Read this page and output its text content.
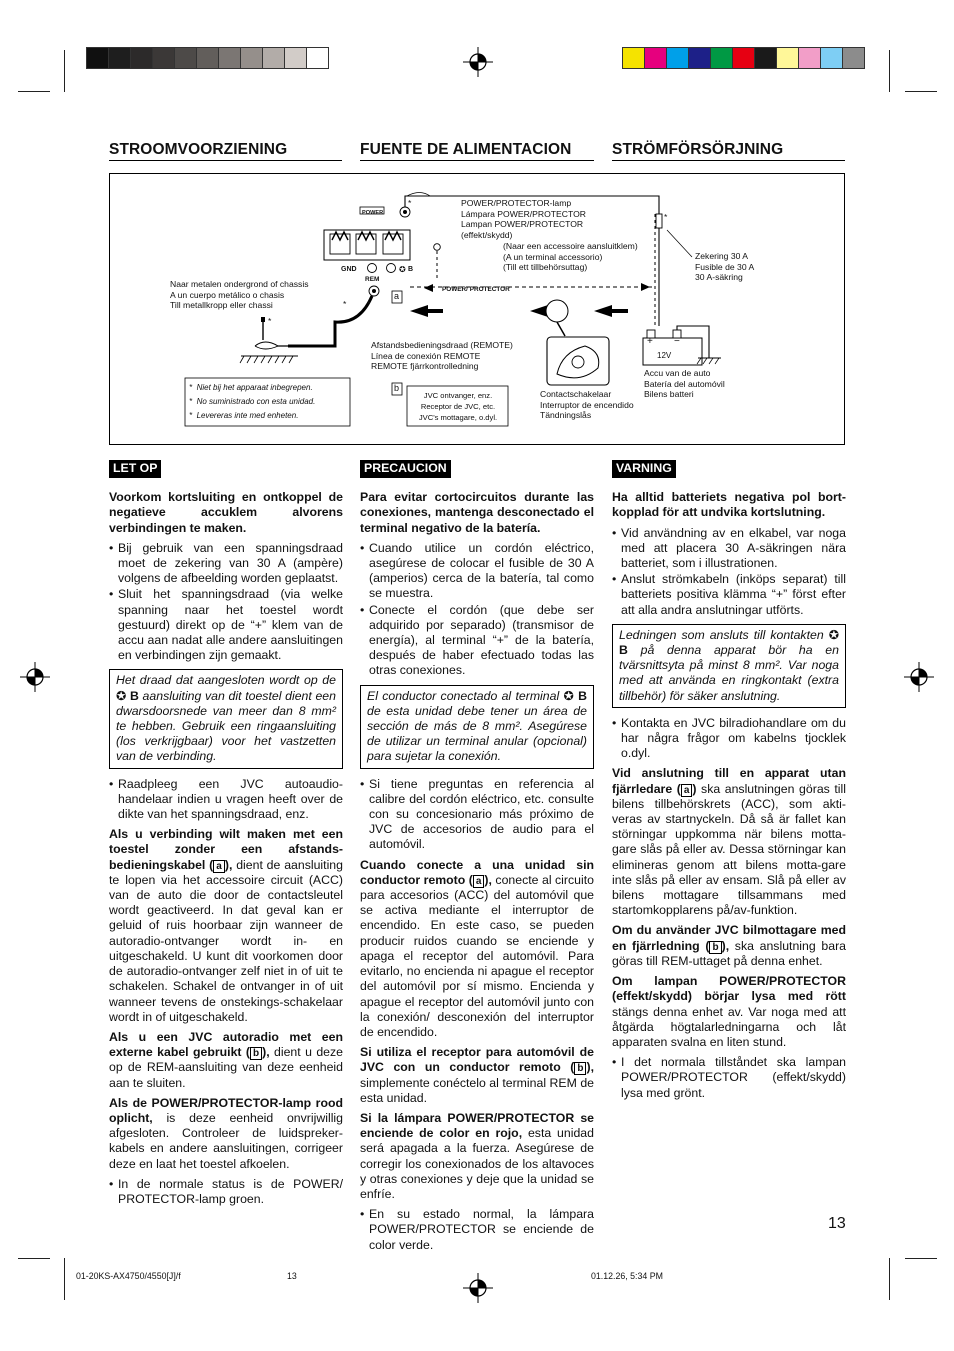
STROOMVOORZIENING	FUENTE DE ALIMENTACION	STRÖMFÖRSÖRJNING
POWER
GND
REM
B
✪
POWER/ PROTECTOR
*
*
* *
*
POWER/PROTECTOR-lamp
Lámpara POWER/PROTECTOR
Lampan POWER/PROTECTOR
(effekt/skydd)
(Naar een accessoire aansluitklem)
(A un terminal accessorio)
(Till ett tillbehörsuttag)
Zekering 30 A
Fusible de 30 A
30 A-säkring
Naar metalen ondergrond of chassis
A un cuerpo metálico o chasis
Till metallkropp eller chassi
Afstandsbedieningsdraad (REMOTE)
Línea de conexión REMOTE
REMOTE fjärrkontrolledning
JVC ontvanger, enz.
Receptor de JVC, etc.
JVC's mottagare, o.dyl.
Contactschakelaar
Interruptor de encendido
Tändningslås
Accu van de auto
Batería del automóvil
Bilens batteri
12V
+ −
a
b
* Niet bij het apparaat inbegrepen.
* No suministrado con esta unidad.
* Levereras inte med enheten.
LET OP

Voorkom kortsluiting en ontkoppel de negatieve accuklem alvorens verbindingen te maken.

• Bij gebruik van een spanningsdraad moet de zekering van 30 A (ampère) volgens de afbeelding worden geplaatst.
• Sluit het spanningsdraad (via welke spanning naar het toestel wordt gestuurd) direkt op de “+” klem van de accu aan nadat alle andere aansluitingen en verbindingen zijn gemaakt.
Het draad dat aangesloten wordt op de ✪ B aansluiting van dit toestel dient een dwarsdoorsnede van meer dan 8 mm² te hebben. Gebruik een ringaansluiting (los verkrijgbaar) voor het vastzetten van de verbinding.
• Raadpleeg een JVC autoaudio-handelaar indien u vragen heeft over de dikte van het spanningsdraad, enz.

Als u verbinding wilt maken met een toestel zonder een afstands-bedieningskabel ( a ), dient de aansluiting te lopen via het accessoire circuit (ACC) van de auto die door de contactsleutel wordt geactiveerd. In dat geval kan er geluid of ruis hoorbaar zijn wanneer de autoradio-ontvanger wordt in- en uitgeschakeld. U kunt dit voorkomen door de autoradio-ontvanger zelf niet in of uit te schakelen. Schakel de ontvanger in of uit wanneer tevens de onstekings-schakelaar wordt in of uitgeschakeld.

Als u een JVC autoradio met een externe kabel gebruikt ( b ), dient u deze op de REM-aansluiting van deze eenheid aan te sluiten.

Als de POWER/PROTECTOR-lamp rood oplicht, is deze eenheid onvrijwillig afgesloten. Controleer de luidspreker-kabels en andere aansluitingen, corrigeer deze en laat het toestel afkoelen.

• In de normale status is de POWER/ PROTECTOR-lamp groen.
PRECAUCION

Para evitar cortocircuitos durante las conexiones, mantenga desconectado el terminal negativo de la batería.

• Cuando utilice un cordón eléctrico, asegúrese de colocar el fusible de 30 A (amperios) cerca de la batería, tal como se muestra.
• Conecte el cordón (que debe ser adquirido por separado) (transmisor de energía), al terminal “+” de la batería, después de haber efectuado todas las otras conexiones.
El conductor conectado al terminal ✪ B de esta unidad debe tener un área de sección de más de 8 mm². Asegúrese de utilizar un terminal anular (opcional) para sujetar la conexión.
• Si tiene preguntas en referencia al calibre del cordón eléctrico, etc. consulte con su concesionario más próximo de JVC de accesorios de audio para el automóvil.

Cuando conecte a una unidad sin conductor remoto ( a ), conecte al circuito para accesorios (ACC) del automóvil que se activa mediante el interruptor de encendido. En este caso, se pueden producir ruidos cuando se enciende y apaga el receptor del automóvil. Para evitarlo, no encienda ni apague el receptor del automóvil por sí mismo. Encienda y apague el receptor del automóvil junto con la conexión/ desconexión del interruptor de encendido.

Si utiliza el receptor para automóvil de JVC con un conductor remoto ( b ), simplemente conéctelo al terminal REM de esta unidad.

Si la lámpara POWER/PROTECTOR se enciende de color en rojo, esta unidad será apagada a la fuerza. Asegúrese de corregir los conexionados de los altavoces y otras conexiones y deje que la unidad se enfríe.

• En su estado normal, la lámpara POWER/PROTECTOR se enciende de color verde.
VARNING

Ha alltid batteriets negativa pol bort-kopplad för att undvika kortslutning.

• Vid användning av en elkabel, var noga med att placera 30 A-säkringen nära batteriet, som i illustrationen.
• Anslut strömkabeln (inköps separat) till batteriets positiva klämma “+” först efter att alla andra anslutningar utförts.
Ledningen som ansluts till kontakten ✪ B på denna apparat bör ha en tvärsnittsyta på minst 8 mm². Var noga med att använda en ringkontakt (extra tillbehör) för säker anslutning.
• Kontakta en JVC bilradiohandlare om du har några frågor om kabelns tjocklek o.dyl.

Vid anslutning till en apparat utan fjärrledare ( a ) ska anslutningen göras till bilens tillbehörskrets (ACC), som akti-veras av startnyckeln. Då så är fallet kan störningar uppkomma när bilens motta-gare slås på eller av. Dessa störningar kan elimineras genom att bilens motta-gare inte slås på eller av ensam. Slå på eller av bilens mottagare tillsammans med startomkopplarens på/av-funktion.

Om du använder JVC bilmottagare med en fjärrledning ( b ), ska anslutning bara göras till REM-uttaget på denna enhet.

Om lampan POWER/PROTECTOR (effekt/skydd) börjar lysa med rött stängs denna enhet av. Var noga med att åtgärda högtalarledningarna och låt apparaten svalna en liten stund.

• I det normala tillståndet ska lampan POWER/PROTECTOR (effekt/skydd) lysa med grönt.
13
01-20KS-AX4750/4550[J]/f	13	01.12.26, 5:34 PM
